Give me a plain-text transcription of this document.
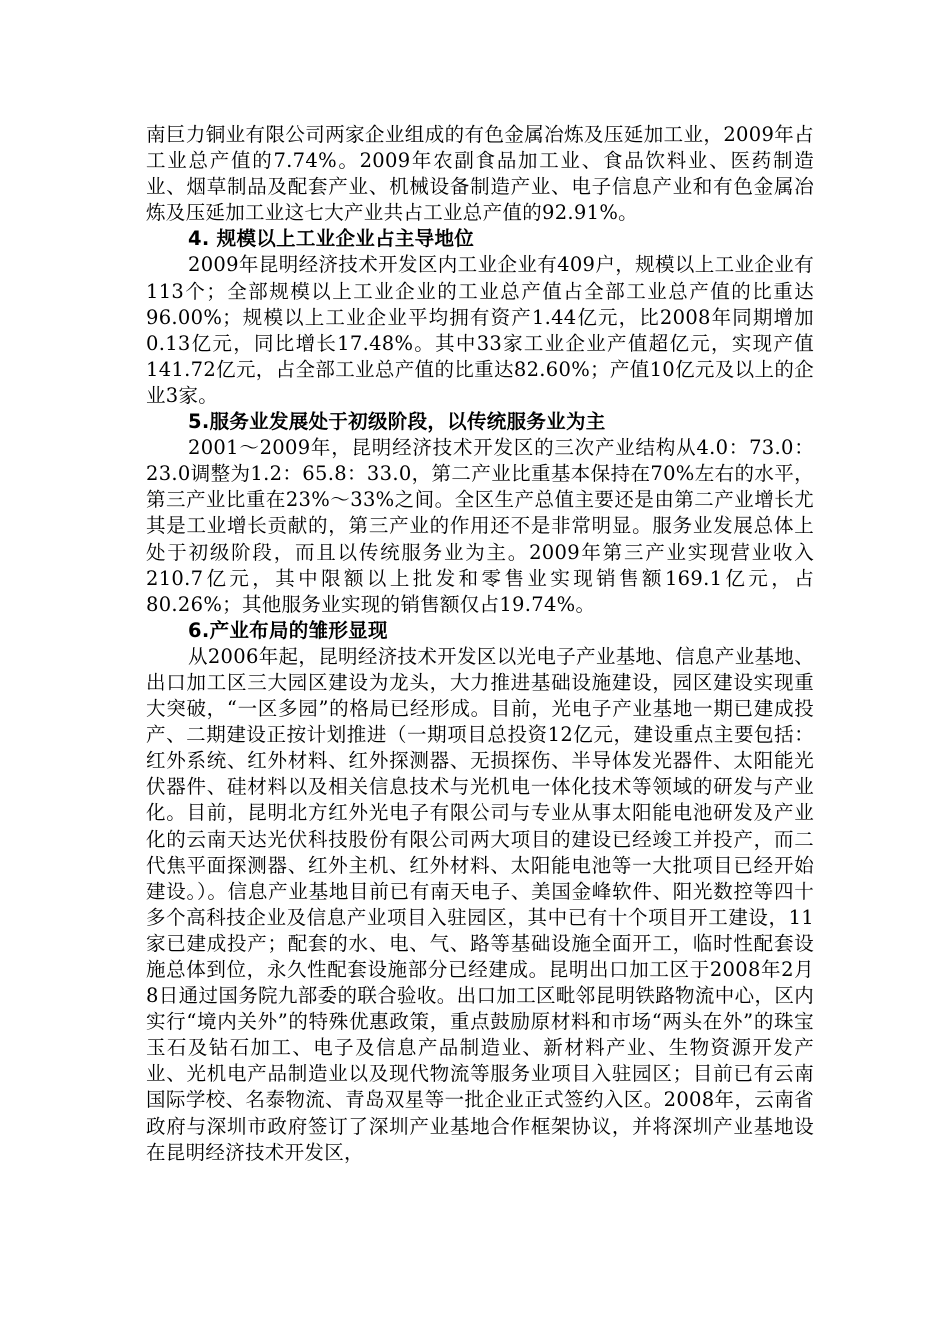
南巨力铜业有限公司两家企业组成的有色金属冶炼及压延加工业，2009年占工业总产值的7.74%。2009年农副食品加工业、食品饮料业、医药制造业、烟草制品及配套产业、机械设备制造产业、电子信息产业和有色金属冶炼及压延加工业这七大产业共占工业总产值的92.91%。

4. 规模以上工业企业占主导地位

2009年昆明经济技术开发区内工业企业有409户，规模以上工业企业有113个；全部规模以上工业企业的工业总产值占全部工业总产值的比重达96.00%；规模以上工业企业平均拥有资产1.44亿元，比2008年同期增加0.13亿元，同比增长17.48%。其中33家工业企业产值超亿元，实现产值141.72亿元，占全部工业总产值的比重达82.60%；产值10亿元及以上的企业3家。

5.服务业发展处于初级阶段，以传统服务业为主

2001～2009年，昆明经济技术开发区的三次产业结构从4.0：73.0：23.0调整为1.2：65.8：33.0，第二产业比重基本保持在70%左右的水平，第三产业比重在23%～33%之间。全区生产总值主要还是由第二产业增长尤其是工业增长贡献的，第三产业的作用还不是非常明显。服务业发展总体上处于初级阶段，而且以传统服务业为主。2009年第三产业实现营业收入210.7亿元，其中限额以上批发和零售业实现销售额169.1亿元，占80.26%；其他服务业实现的销售额仅占19.74%。

6.产业布局的雏形显现

从2006年起，昆明经济技术开发区以光电子产业基地、信息产业基地、出口加工区三大园区建设为龙头，大力推进基础设施建设，园区建设实现重大突破，“一区多园”的格局已经形成。目前，光电子产业基地一期已建成投产、二期建设正按计划推进（一期项目总投资12亿元，建设重点主要包括：红外系统、红外材料、红外探测器、无损探伤、半导体发光器件、太阳能光伏器件、硅材料以及相关信息技术与光机电一体化技术等领域的研发与产业化。目前，昆明北方红外光电子有限公司与专业从事太阳能电池研发及产业化的云南天达光伏科技股份有限公司两大项目的建设已经竣工并投产，而二代焦平面探测器、红外主机、红外材料、太阳能电池等一大批项目已经开始建设。）。信息产业基地目前已有南天电子、美国金峰软件、阳光数控等四十多个高科技企业及信息产业项目入驻园区，其中已有十个项目开工建设，11家已建成投产；配套的水、电、气、路等基础设施全面开工，临时性配套设施总体到位，永久性配套设施部分已经建成。昆明出口加工区于2008年2月8日通过国务院九部委的联合验收。出口加工区毗邻昆明铁路物流中心，区内实行“境内关外”的特殊优惠政策，重点鼓励原材料和市场“两头在外”的珠宝玉石及钻石加工、电子及信息产品制造业、新材料产业、生物资源开发产业、光机电产品制造业以及现代物流等服务业项目入驻园区；目前已有云南国际学校、名泰物流、青岛双星等一批企业正式签约入区。2008年，云南省政府与深圳市政府签订了深圳产业基地合作框架协议，并将深圳产业基地设在昆明经济技术开发区，
